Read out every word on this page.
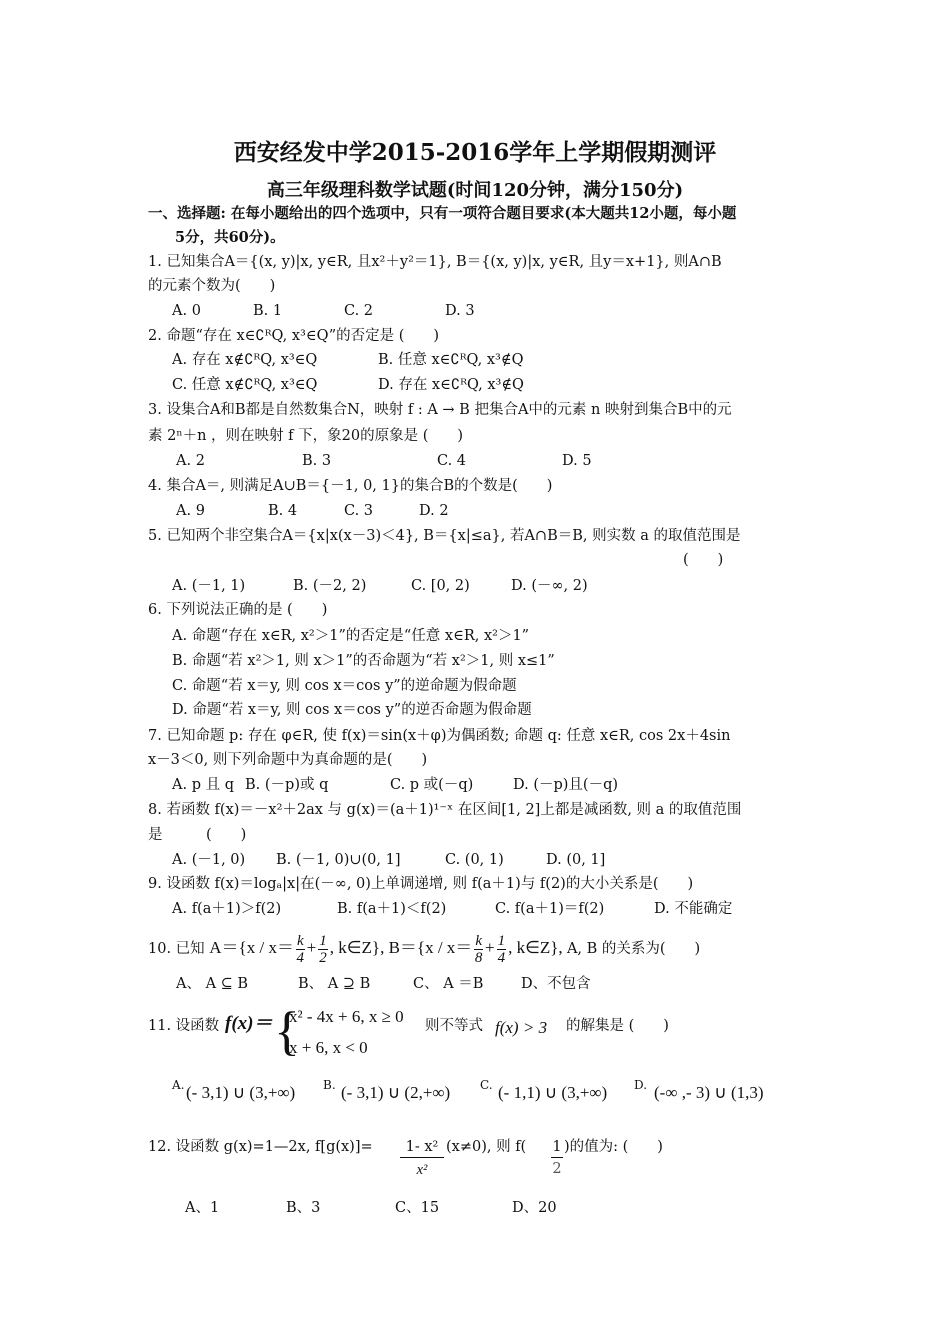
西安经发中学2015-2016学年上学期假期测评
高三年级理科数学试题(时间120分钟，满分150分)
一、选择题: 在每小题给出的四个选项中，只有一项符合题目要求(本大题共12小题，每小题
5分，共60分)。
1. 已知集合A＝{(x, y)|x, y∈R, 且x²＋y²＝1}, B＝{(x, y)|x, y∈R, 且y＝x+1}, 则A∩B
的元素个数为(　　)
A. 0	B. 1	C. 2	D. 3
2. 命题“存在 x∈∁ᴿQ, x³∈Q”的否定是 (　　)
A. 存在 x∉∁ᴿQ, x³∈Q	B. 任意 x∈∁ᴿQ, x³∉Q
C. 任意 x∉∁ᴿQ, x³∈Q	D. 存在 x∈∁ᴿQ, x³∉Q
3. 设集合A和B都是自然数集合N，映射 f : A → B 把集合A中的元素 n 映射到集合B中的元
素 2ⁿ＋n ，则在映射 f 下，象20的原象是 (　　)
A. 2	B. 3	C. 4	D. 5
4. 集合A＝, 则满足A∪B＝{－1, 0, 1}的集合B的个数是(　　)
A. 9	B. 4	C. 3	D. 2
5. 已知两个非空集合A＝{x|x(x－3)＜4}, B＝{x|≤a}, 若A∩B＝B, 则实数 a 的取值范围是
(　　)
A. (－1, 1)	B. (－2, 2)	C. [0, 2)	D. (－∞, 2)
6. 下列说法正确的是 (　　)
A. 命题“存在 x∈R, x²＞1”的否定是“任意 x∈R, x²＞1”
B. 命题“若 x²＞1, 则 x＞1”的否命题为“若 x²＞1, 则 x≤1”
C. 命题“若 x＝y, 则 cos x＝cos y”的逆命题为假命题
D. 命题“若 x＝y, 则 cos x＝cos y”的逆否命题为假命题
7. 已知命题 p: 存在 φ∈R, 使 f(x)＝sin(x＋φ)为偶函数; 命题 q: 任意 x∈R, cos 2x＋4sin
x－3＜0, 则下列命题中为真命题的是(　　)
A. p 且 q B. (－p)或 q	C. p 或(－q)	D. (－p)且(－q)
8. 若函数 f(x)＝－x²＋2ax 与 g(x)＝(a＋1)¹⁻ˣ 在区间[1, 2]上都是减函数, 则 a 的取值范围
是　　　(　　)
A. (－1, 0) B. (－1, 0)∪(0, 1]	C. (0, 1)	D. (0, 1]
9. 设函数 f(x)＝logₐ|x|在(－∞, 0)上单调递增, 则 f(a＋1)与 f(2)的大小关系是(　　)
A. f(a＋1)＞f(2)	B. f(a＋1)＜f(2)	C. f(a＋1)＝f(2)	D. 不能确定
10. 已知 $A=\{x / x= \frac{k}{4} + \frac{1}{2}$ , k∈Z}, $B=\{x / x= \frac{k}{8} + \frac{1}{4}$ , k∈Z}, A, B 的关系为(　　)
A、 A ⊆ B	B、 A ⊇ B	C、 A ＝B	D、不包含
11. 设函数 f(x)＝ {
x² - 4x + 6, x ≥ 0
x + 6, x < 0
则不等式 f(x) > 3 的解集是 (　　)
A. (- 3,1) ∪ (3,+∞) B. (- 3,1) ∪ (2,+∞) C. (- 1,1) ∪ (3,+∞) D. (-∞ ,- 3) ∪ (1,3)
12. 设函数 g(x)=1—2x, f[g(x)]=	1- x²
x²
(x≠0), 则 f( 1
2
)的值为: (　　)
A、1	B、3	C、15	D、20
